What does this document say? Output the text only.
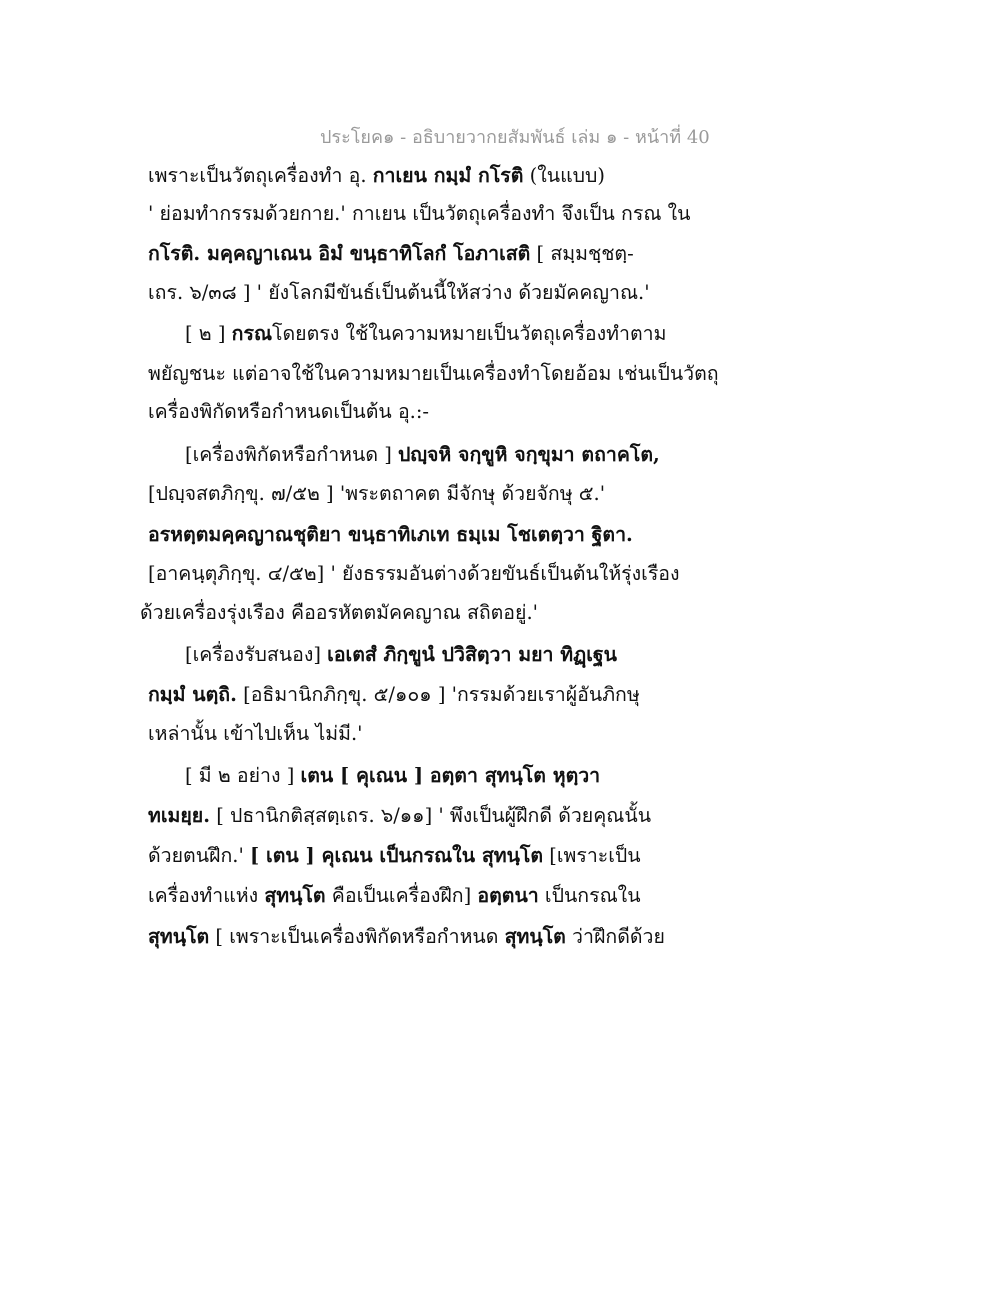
ประโยค๑ - อธิบายวากยสัมพันธ์ เล่ม ๑ - หน้าที่ 40
เพราะเป็นวัตถุเครื่องทำ อุ. กาเยน กมฺมํ กโรติ (ในแบบ)
' ย่อมทำกรรมด้วยกาย.' กาเยน เป็นวัตถุเครื่องทำ จึงเป็น กรณ ใน
กโรติ. มคฺคญาเณน อิมํ ขนฺธาทิโลกํ โอภาเสติ [ สมฺมชฺชตฺ-
เถร. ๖/๓๘ ] ' ยังโลกมีขันธ์เป็นต้นนี้ให้สว่าง ด้วยมัคคญาณ.'
[ ๒ ] กรณโดยตรง ใช้ในความหมายเป็นวัตถุเครื่องทำตาม
พยัญชนะ แต่อาจใช้ในความหมายเป็นเครื่องทำโดยอ้อม เช่นเป็นวัตถุ
เครื่องพิกัดหรือกำหนดเป็นต้น อุ.:-
[เครื่องพิกัดหรือกำหนด ] ปญฺจหิ จกฺขูหิ จกฺขุมา ตถาคโต,
[ปญฺจสตภิกฺขุ. ๗/๕๒ ] 'พระตถาคต มีจักษุ ด้วยจักษุ ๕.'
อรหตฺตมคฺคญาณชุติยา ขนฺธาทิเภเท ธมฺเม โชเตตฺวา ฐิตา.
[อาคนฺตุภิกฺขุ. ๔/๕๒] ' ยังธรรมอันต่างด้วยขันธ์เป็นต้นให้รุ่งเรือง
ด้วยเครื่องรุ่งเรือง คืออรหัตตมัคคญาณ สถิตอยู่.'
[เครื่องรับสนอง] เอเตสํ ภิกฺขูนํ ปวิสิตฺวา มยา ทิฏฺเฐน
กมฺมํ นตฺถิ. [อธิมานิกภิกฺขุ. ๕/๑๐๑ ] 'กรรมด้วยเราผู้อันภิกษุ
เหล่านั้น เข้าไปเห็น ไม่มี.'
[ มี ๒ อย่าง ] เตน [ คุเณน ] อตฺตา สุทนฺโต หุตฺวา
ทเมยฺย. [ ปธานิกติสฺสตฺเถร. ๖/๑๑] ' พึงเป็นผู้ฝึกดี ด้วยคุณนั้น
ด้วยตนฝึก.' [ เตน ] คุเณน เป็นกรณใน สุทนฺโต [เพราะเป็น
เครื่องทำแห่ง สุทนฺโต คือเป็นเครื่องฝึก] อตฺตนา เป็นกรณใน
สุทนฺโต [ เพราะเป็นเครื่องพิกัดหรือกำหนด สุทนฺโต ว่าฝึกดีด้วย
